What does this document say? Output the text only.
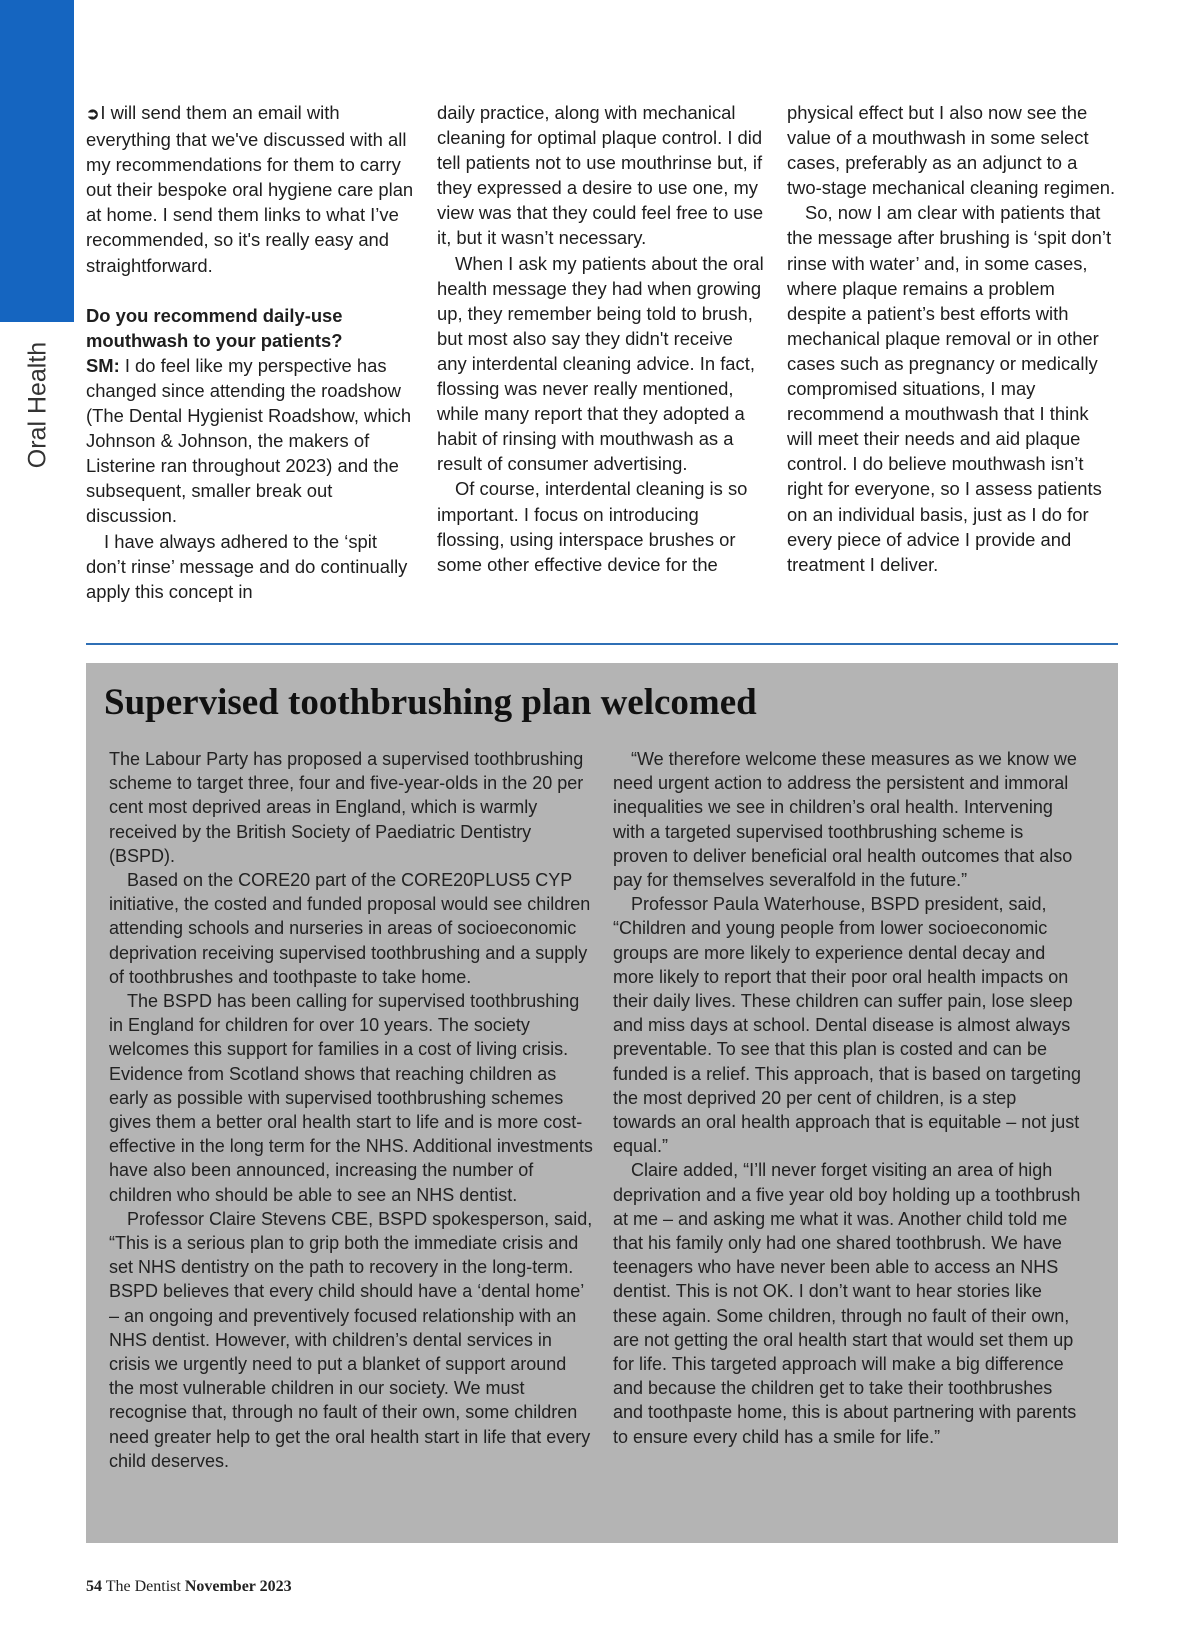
Oral Health

➲I will send them an email with everything that we've discussed with all my recommendations for them to carry out their bespoke oral hygiene care plan at home. I send them links to what I’ve recommended, so it's really easy and straightforward.

Do you recommend daily-use mouthwash to your patients?

SM: I do feel like my perspective has changed since attending the roadshow (The Dental Hygienist Roadshow, which Johnson & Johnson, the makers of Listerine ran throughout 2023) and the subsequent, smaller break out discussion.

I have always adhered to the ‘spit don’t rinse’ message and do continually apply this concept in

daily practice, along with mechanical cleaning for optimal plaque control. I did tell patients not to use mouthrinse but, if they expressed a desire to use one, my view was that they could feel free to use it, but it wasn’t necessary.

When I ask my patients about the oral health message they had when growing up, they remember being told to brush, but most also say they didn't receive any interdental cleaning advice. In fact, flossing was never really mentioned, while many report that they adopted a habit of rinsing with mouthwash as a result of consumer advertising.

Of course, interdental cleaning is so important. I focus on introducing flossing, using interspace brushes or some other effective device for the

physical effect but I also now see the value of a mouthwash in some select cases, preferably as an adjunct to a two-stage mechanical cleaning regimen.

So, now I am clear with patients that the message after brushing is ‘spit don’t rinse with water’ and, in some cases, where plaque remains a problem despite a patient’s best efforts with mechanical plaque removal or in other cases such as pregnancy or medically compromised situations, I may recommend a mouthwash that I think will meet their needs and aid plaque control. I do believe mouthwash isn’t right for everyone, so I assess patients on an individual basis, just as I do for every piece of advice I provide and treatment I deliver.

Supervised toothbrushing plan welcomed

The Labour Party has proposed a supervised toothbrushing scheme to target three, four and five-year-olds in the 20 per cent most deprived areas in England, which is warmly received by the British Society of Paediatric Dentistry (BSPD).

Based on the CORE20 part of the CORE20PLUS5 CYP initiative, the costed and funded proposal would see children attending schools and nurseries in areas of socioeconomic deprivation receiving supervised toothbrushing and a supply of toothbrushes and toothpaste to take home.

The BSPD has been calling for supervised toothbrushing in England for children for over 10 years. The society welcomes this support for families in a cost of living crisis. Evidence from Scotland shows that reaching children as early as possible with supervised toothbrushing schemes gives them a better oral health start to life and is more cost-effective in the long term for the NHS. Additional investments have also been announced, increasing the number of children who should be able to see an NHS dentist.

Professor Claire Stevens CBE, BSPD spokesperson, said, “This is a serious plan to grip both the immediate crisis and set NHS dentistry on the path to recovery in the long-term. BSPD believes that every child should have a ‘dental home’ – an ongoing and preventively focused relationship with an NHS dentist. However, with children’s dental services in crisis we urgently need to put a blanket of support around the most vulnerable children in our society. We must recognise that, through no fault of their own, some children need greater help to get the oral health start in life that every child deserves.

“We therefore welcome these measures as we know we need urgent action to address the persistent and immoral inequalities we see in children’s oral health. Intervening with a targeted supervised toothbrushing scheme is proven to deliver beneficial oral health outcomes that also pay for themselves severalfold in the future.”

Professor Paula Waterhouse, BSPD president, said, “Children and young people from lower socioeconomic groups are more likely to experience dental decay and more likely to report that their poor oral health impacts on their daily lives. These children can suffer pain, lose sleep and miss days at school. Dental disease is almost always preventable. To see that this plan is costed and can be funded is a relief. This approach, that is based on targeting the most deprived 20 per cent of children, is a step towards an oral health approach that is equitable – not just equal.”

Claire added, “I’ll never forget visiting an area of high deprivation and a five year old boy holding up a toothbrush at me – and asking me what it was. Another child told me that his family only had one shared toothbrush. We have teenagers who have never been able to access an NHS dentist. This is not OK. I don’t want to hear stories like these again. Some children, through no fault of their own, are not getting the oral health start that would set them up for life. This targeted approach will make a big difference and because the children get to take their toothbrushes and toothpaste home, this is about partnering with parents to ensure every child has a smile for life.”

54 The Dentist November 2023
